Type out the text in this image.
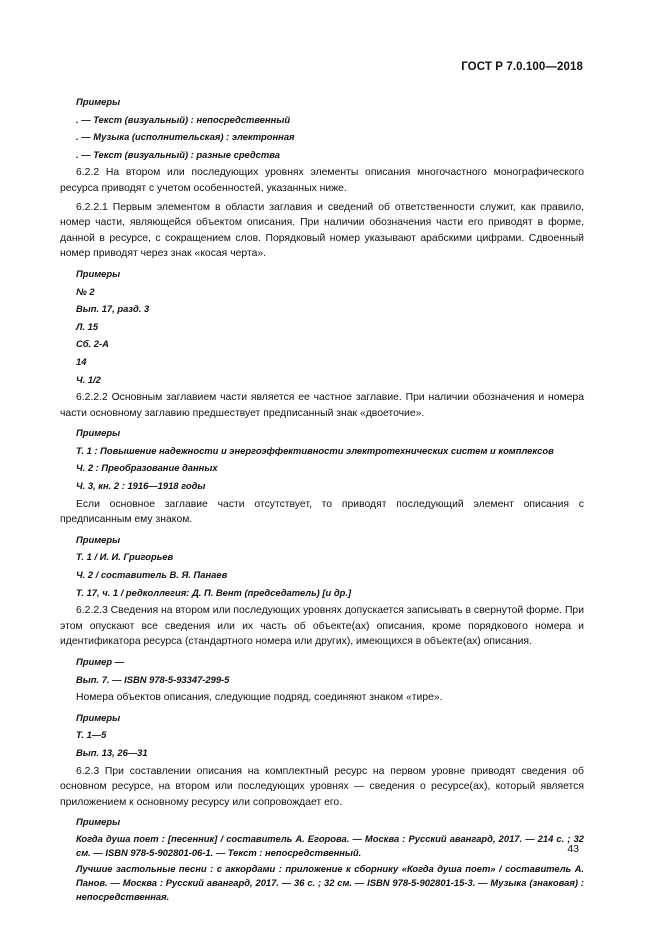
ГОСТ Р 7.0.100—2018
Примеры
. — Текст (визуальный) : непосредственный
. — Музыка (исполнительская) : электронная
. — Текст (визуальный) : разные средства
6.2.2 На втором или последующих уровнях элементы описания многочастного монографического ресурса приводят с учетом особенностей, указанных ниже.
6.2.2.1 Первым элементом в области заглавия и сведений об ответственности служит, как правило, номер части, являющейся объектом описания. При наличии обозначения части его приводят в форме, данной в ресурсе, с сокращением слов. Порядковый номер указывают арабскими цифрами. Сдвоенный номер приводят через знак «косая черта».
Примеры
№ 2
Вып. 17, разд. 3
Л. 15
Сб. 2-А
14
Ч. 1/2
6.2.2.2 Основным заглавием части является ее частное заглавие. При наличии обозначения и номера части основному заглавию предшествует предписанный знак «двоеточие».
Примеры
Т. 1 : Повышение надежности и энергоэффективности электротехнических систем и комплексов
Ч. 2 : Преобразование данных
Ч. 3, кн. 2 : 1916—1918 годы
Если основное заглавие части отсутствует, то приводят последующий элемент описания с предписанным ему знаком.
Примеры
Т. 1 / И. И. Григорьев
Ч. 2 / составитель В. Я. Панаев
Т. 17, ч. 1 / редколлегия: Д. П. Вент (председатель) [и др.]
6.2.2.3 Сведения на втором или последующих уровнях допускается записывать в свернутой форме. При этом опускают все сведения или их часть об объекте(ах) описания, кроме порядкового номера и идентификатора ресурса (стандартного номера или других), имеющихся в объекте(ах) описания.
Пример —
Вып. 7. — ISBN 978-5-93347-299-5
Номера объектов описания, следующие подряд, соединяют знаком «тире».
Примеры
Т. 1—5
Вып. 13, 26—31
6.2.3 При составлении описания на комплектный ресурс на первом уровне приводят сведения об основном ресурсе, на втором или последующих уровнях — сведения о ресурсе(ах), который является приложением к основному ресурсу или сопровождает его.
Примеры
Когда душа поет : [песенник] / составитель А. Егорова. — Москва : Русский авангард, 2017. — 214 с. ; 32 см. — ISBN 978-5-902801-06-1. — Текст : непосредственный.
Лучшие застольные песни : с аккордами : приложение к сборнику «Когда душа поет» / составитель А. Панов. — Москва : Русский авангард, 2017. — 36 с. ; 32 см. — ISBN 978-5-902801-15-3. — Музыка (знаковая) : непосредственная.
43
